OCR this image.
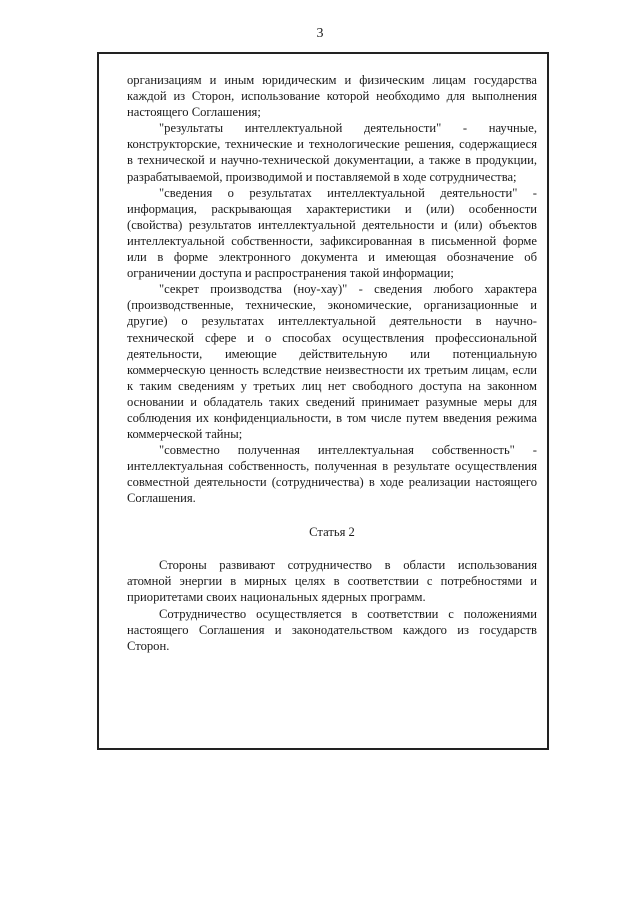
3

организациям и иным юридическим и физическим лицам государства каждой из Сторон, использование которой необходимо для выполнения настоящего Соглашения;

"результаты интеллектуальной деятельности" - научные, конструкторские, технические и технологические решения, содержащиеся в технической и научно-технической документации, а также в продукции, разрабатываемой, производимой и поставляемой в ходе сотрудничества;

"сведения о результатах интеллектуальной деятельности" - информация, раскрывающая характеристики и (или) особенности (свойства) результатов интеллектуальной деятельности и (или) объектов интеллектуальной собственности, зафиксированная в письменной форме или в форме электронного документа и имеющая обозначение об ограничении доступа и распространения такой информации;

"секрет производства (ноу-хау)" - сведения любого характера (производственные, технические, экономические, организационные и другие) о результатах интеллектуальной деятельности в научно-технической сфере и о способах осуществления профессиональной деятельности, имеющие действительную или потенциальную коммерческую ценность вследствие неизвестности их третьим лицам, если к таким сведениям у третьих лиц нет свободного доступа на законном основании и обладатель таких сведений принимает разумные меры для соблюдения их конфиденциальности, в том числе путем введения режима коммерческой тайны;

"совместно полученная интеллектуальная собственность" - интеллектуальная собственность, полученная в результате осуществления совместной деятельности (сотрудничества) в ходе реализации настоящего Соглашения.

Статья 2

Стороны развивают сотрудничество в области использования атомной энергии в мирных целях в соответствии с потребностями и приоритетами своих национальных ядерных программ.

Сотрудничество осуществляется в соответствии с положениями настоящего Соглашения и законодательством каждого из государств Сторон.
